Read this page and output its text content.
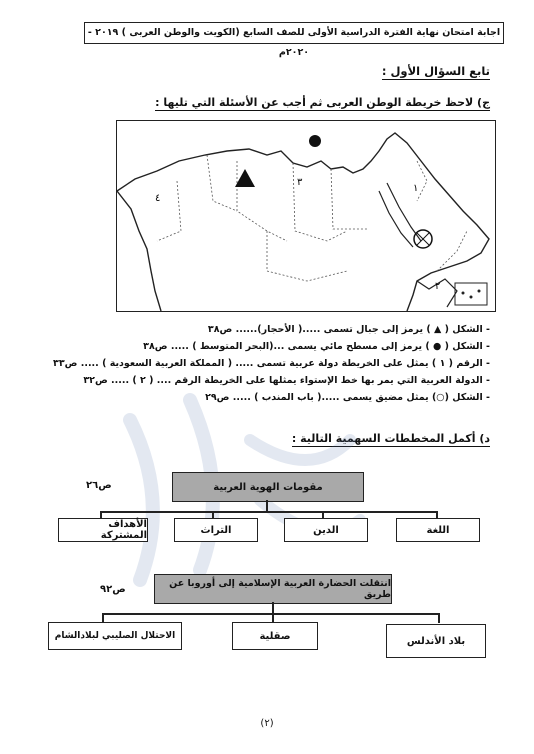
اجابة امتحان نهاية الفترة الدراسية الأولى للصف السابع (الكويت والوطن العربى ) ٢٠١٩ - ٢٠٢٠م
تابع السؤال الأول :
ج) لاحظ خريطة الوطن العربى ثم أجب عن الأسئلة التي تليها :
١
٢
٣
٤
- الشكل ( ▲ ) يرمز إلى جبال تسمى .....( الأحجار)...... ص٣٨
- الشكل ( ● ) يرمز إلى مسطح مائي يسمى ...(البحر المتوسط ) ..... ص٣٨
- الرقم ( ١ ) يمثل على الخريطة دولة عربية تسمى ..... ( المملكة العربية السعودية ) ..... ص٣٣
- الدولة العربية التي يمر بها خط الإستواء يمثلها على الخريطة الرقم .... ( ٢ ) ..... ص٣٢
- الشكل (○) يمثل مضيق يسمى .....( باب المندب ) ..... ص٢٩
د) أكمل المخططات السهمية التالية :
ص٢٦	مقومات الهوية العربية
اللغة
الدين
التراث
الأهداف المشتركة
ص٩٢
انتقلت الحضارة العربية الإسلامية إلى أوروبا عن طريق
بلاد الأندلس
صقلية
الاحتلال الصليبي لبلادالشام
(٢)
